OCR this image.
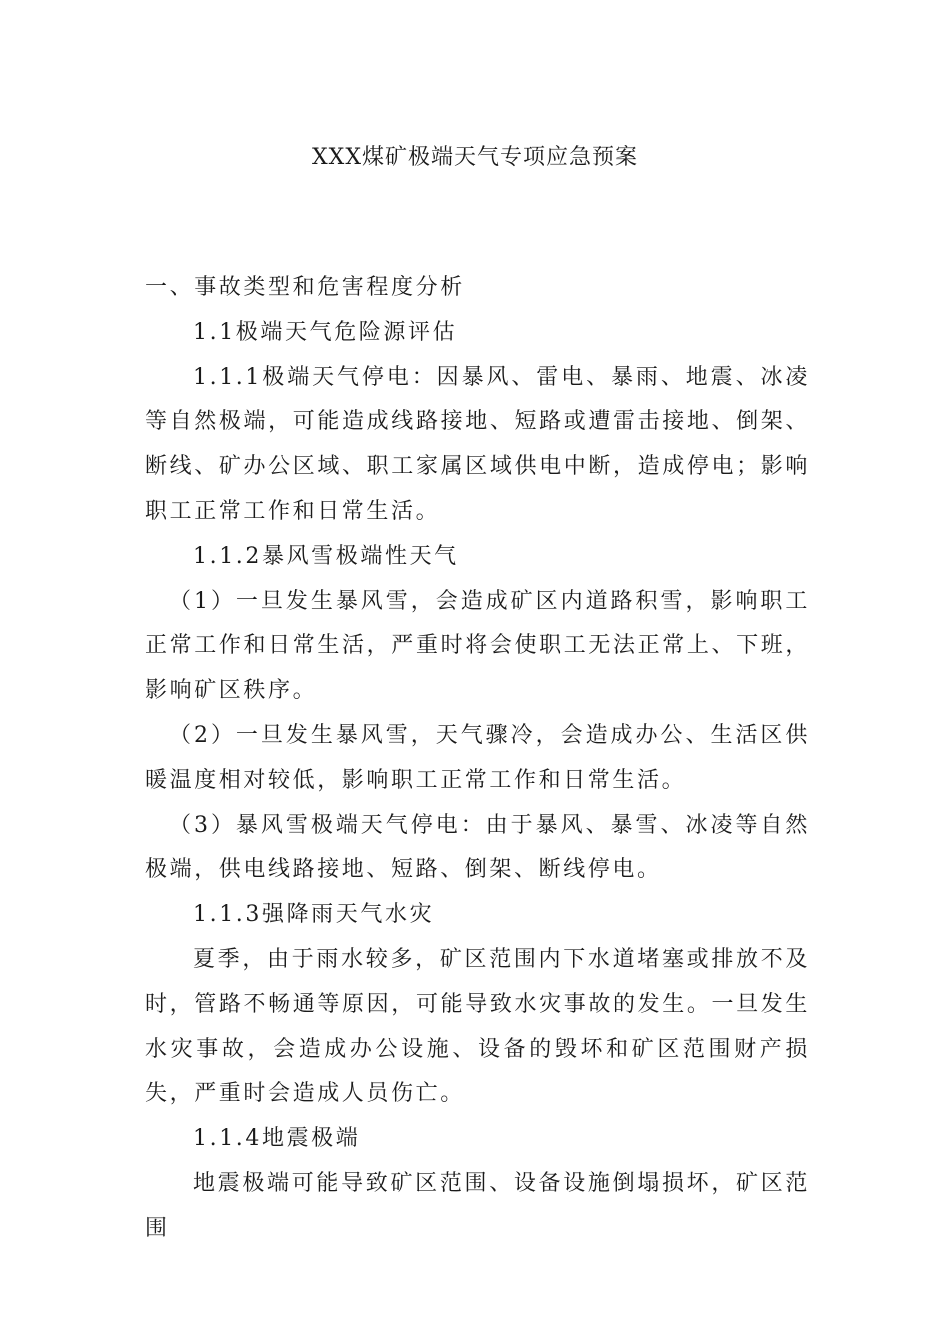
XXX煤矿极端天气专项应急预案

一、事故类型和危害程度分析

1.1极端天气危险源评估

1.1.1极端天气停电：因暴风、雷电、暴雨、地震、冰凌等自然极端，可能造成线路接地、短路或遭雷击接地、倒架、断线、矿办公区域、职工家属区域供电中断，造成停电；影响职工正常工作和日常生活。

1.1.2暴风雪极端性天气

（1）一旦发生暴风雪，会造成矿区内道路积雪，影响职工正常工作和日常生活，严重时将会使职工无法正常上、下班，影响矿区秩序。

（2）一旦发生暴风雪，天气骤冷，会造成办公、生活区供暖温度相对较低，影响职工正常工作和日常生活。

（3）暴风雪极端天气停电：由于暴风、暴雪、冰凌等自然极端，供电线路接地、短路、倒架、断线停电。

1.1.3强降雨天气水灾

夏季，由于雨水较多，矿区范围内下水道堵塞或排放不及时，管路不畅通等原因，可能导致水灾事故的发生。一旦发生水灾事故，会造成办公设施、设备的毁坏和矿区范围财产损失，严重时会造成人员伤亡。

1.1.4地震极端

地震极端可能导致矿区范围、设备设施倒塌损坏，矿区范围
